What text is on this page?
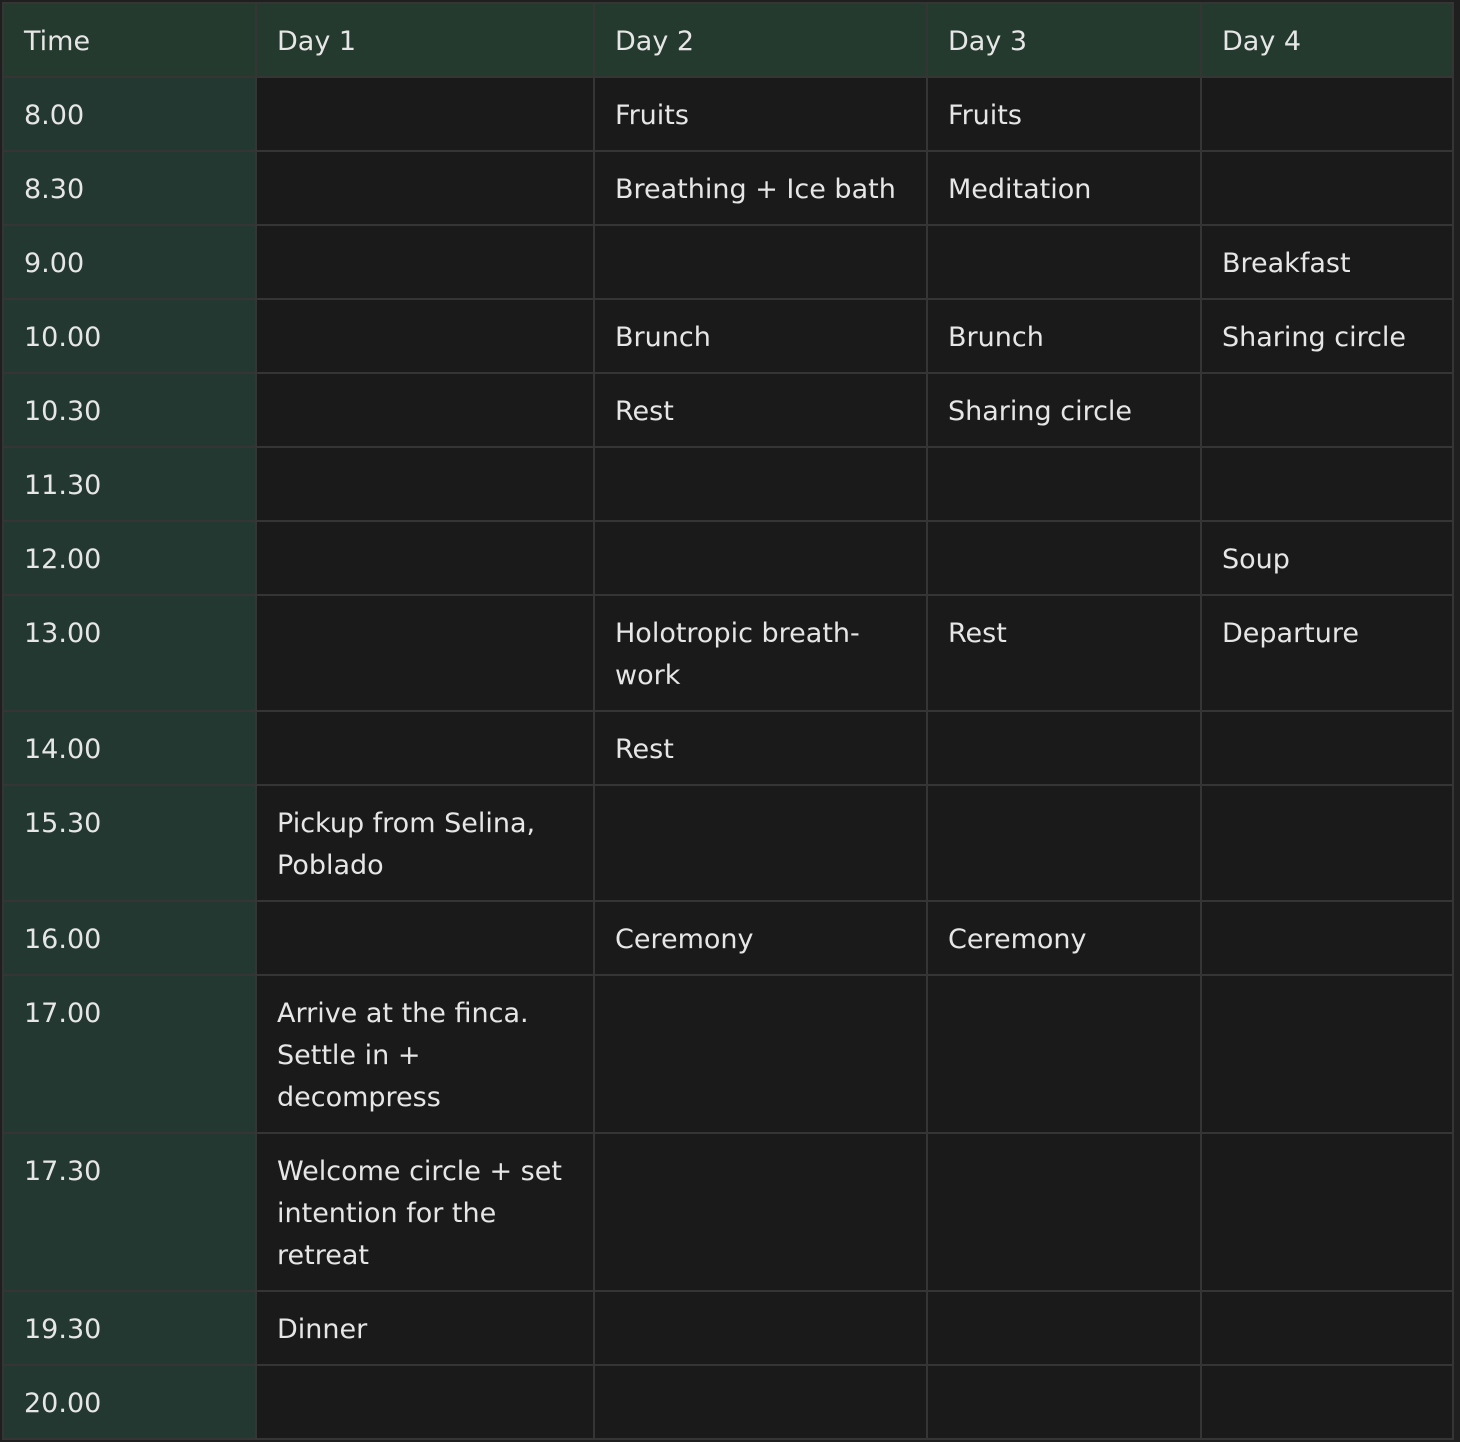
Time	Day 1	Day 2	Day 3	Day 4
8.00		Fruits	Fruits	
8.30		Breathing + Ice bath	Meditation	
9.00				Breakfast
10.00		Brunch	Brunch	Sharing circle
10.30		Rest	Sharing circle	
11.30				
12.00				Soup
13.00		Holotropic breath-work	Rest	Departure
14.00		Rest		
15.30	Pickup from Selina, Poblado			
16.00		Ceremony	Ceremony	
17.00	Arrive at the finca. Settle in + decompress			
17.30	Welcome circle + set intention for the retreat			
19.30	Dinner			
20.00				
